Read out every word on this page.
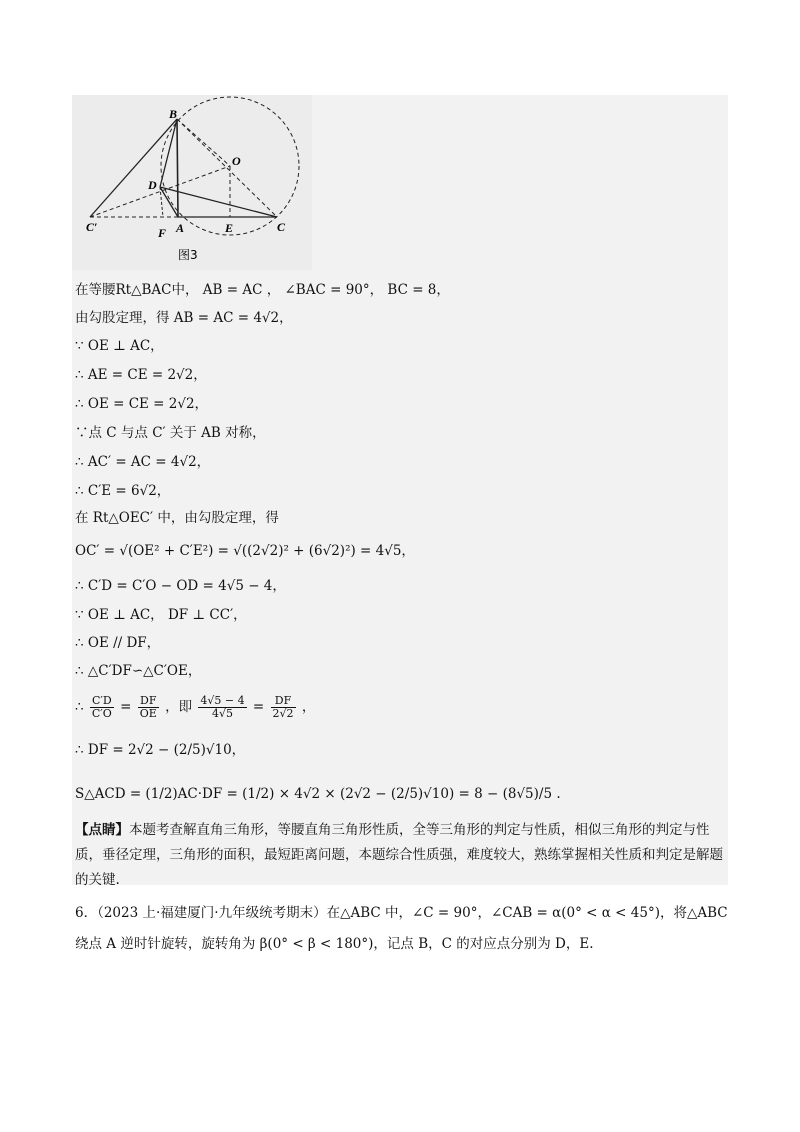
B
O
D
C′	F A	E	C
图3
在等腰Rt△BAC中， AB = AC ， ∠BAC = 90°， BC = 8，
由勾股定理，得 AB = AC = 4√2，
∵ OE ⊥ AC，
∴ AE = CE = 2√2，
∴ OE = CE = 2√2，
∵点 C 与点 C′ 关于 AB 对称，
∴ AC′ = AC = 4√2，
∴ C′E = 6√2，
在 Rt△OEC′ 中，由勾股定理，得
OC′ = √(OE² + C′E²) = √((2√2)² + (6√2)²) = 4√5，
∴ C′D = C′O − OD = 4√5 − 4，
∵ OE ⊥ AC， DF ⊥ CC′，
∴ OE // DF，
∴ △C′DF∽△C′OE，
∴ $\frac{C'D}{C'O} = \frac{DF}{OE}$ ，即 $\frac{4√5 - 4}{4√5} = \frac{DF}{2√2}$ ，
∴ DF = 2√2 − (2/5)√10，
S△ACD = (1/2)AC·DF = (1/2) × 4√2 × (2√2 − (2/5)√10) = 8 − (8√5)/5 .
【点睛】本题考查解直角三角形，等腰直角三角形性质，全等三角形的判定与性质，相似三角形的判定与性质，垂径定理，三角形的面积，最短距离问题，本题综合性质强，难度较大，熟练掌握相关性质和判定是解题的关键.
6．（2023 上·福建厦门·九年级统考期末）在△ABC 中，∠C = 90°，∠CAB = α(0° < α < 45°)，将△ABC 绕点 A 逆时针旋转，旋转角为 β(0° < β < 180°)，记点 B，C 的对应点分别为 D，E.
